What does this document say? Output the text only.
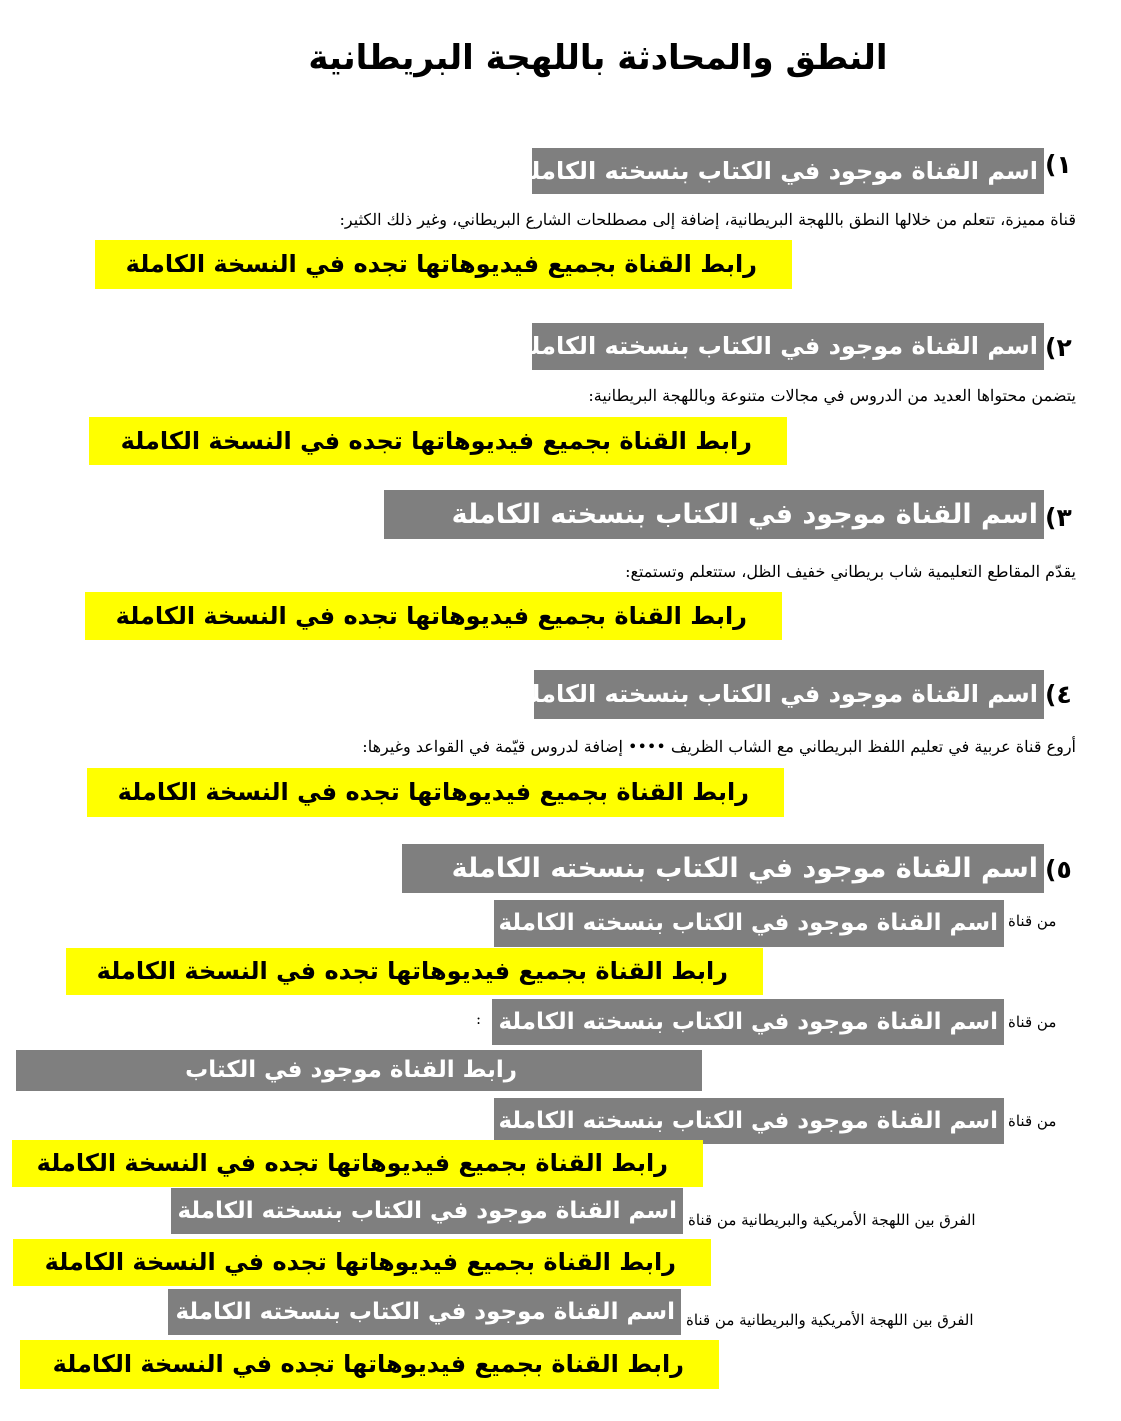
النطق والمحادثة باللهجة البريطانية
١)
اسم القناة موجود في الكتاب بنسخته الكاملة
قناة مميزة، تتعلم من خلالها النطق باللهجة البريطانية، إضافة إلى مصطلحات الشارع البريطاني، وغير ذلك الكثير:
رابط القناة بجميع فيديوهاتها تجده في النسخة الكاملة
٢)
اسم القناة موجود في الكتاب بنسخته الكاملة
يتضمن محتواها العديد من الدروس في مجالات متنوعة وباللهجة البريطانية:
رابط القناة بجميع فيديوهاتها تجده في النسخة الكاملة
٣)
اسم القناة موجود في الكتاب بنسخته الكاملة
يقدّم المقاطع التعليمية شاب بريطاني خفيف الظل، ستتعلم وتستمتع:
رابط القناة بجميع فيديوهاتها تجده في النسخة الكاملة
٤)
اسم القناة موجود في الكتاب بنسخته الكاملة
أروع قناة عربية في تعليم اللفظ البريطاني مع الشاب الظريف •••• إضافة لدروس قيّمة في القواعد وغيرها:
رابط القناة بجميع فيديوهاتها تجده في النسخة الكاملة
٥)
اسم القناة موجود في الكتاب بنسخته الكاملة
من قناة
اسم القناة موجود في الكتاب بنسخته الكاملة
رابط القناة بجميع فيديوهاتها تجده في النسخة الكاملة
من قناة
اسم القناة موجود في الكتاب بنسخته الكاملة
:
رابط القناة موجود في الكتاب
من قناة
اسم القناة موجود في الكتاب بنسخته الكاملة
رابط القناة بجميع فيديوهاتها تجده في النسخة الكاملة
الفرق بين اللهجة الأمريكية والبريطانية من قناة
اسم القناة موجود في الكتاب بنسخته الكاملة
رابط القناة بجميع فيديوهاتها تجده في النسخة الكاملة
الفرق بين اللهجة الأمريكية والبريطانية من قناة
اسم القناة موجود في الكتاب بنسخته الكاملة
رابط القناة بجميع فيديوهاتها تجده في النسخة الكاملة
